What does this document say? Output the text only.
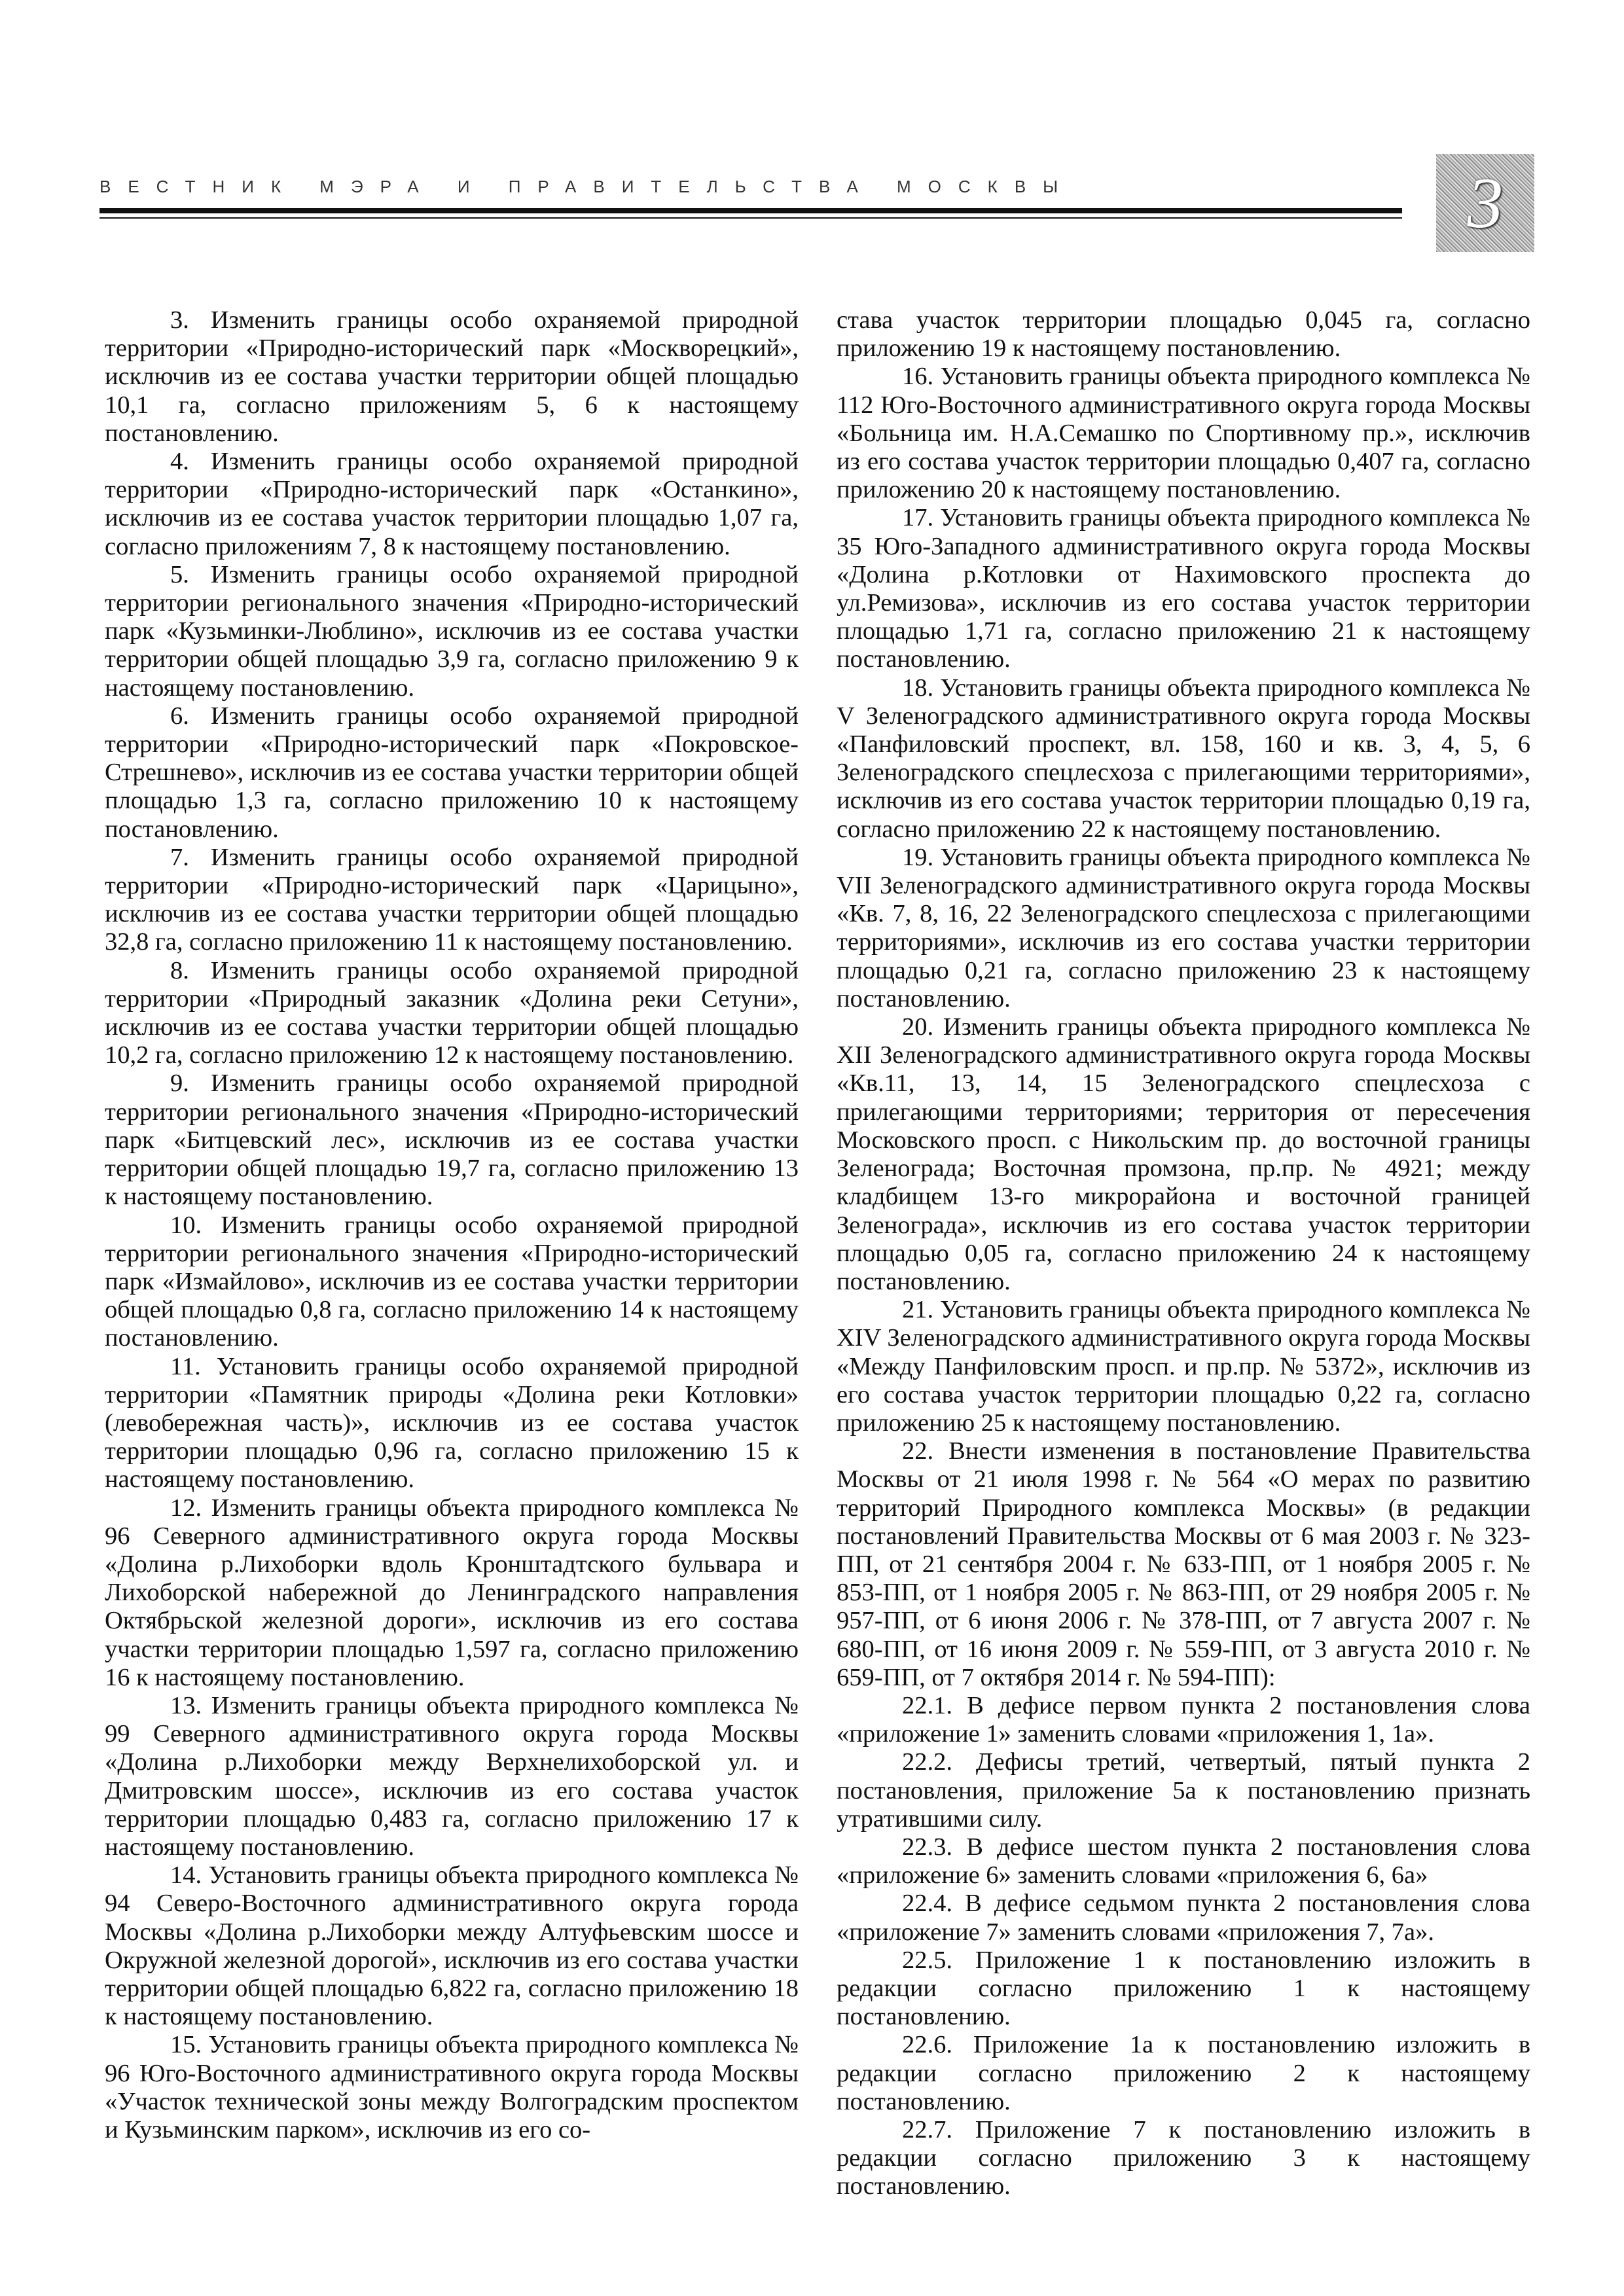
ВЕСТНИК МЭРА И ПРАВИТЕЛЬСТВА МОСКВЫ	3

3. Изменить границы особо охраняемой природной территории «Природно-исторический парк «Москворецкий», исключив из ее состава участки территории общей площадью 10,1 га, согласно приложениям 5, 6 к настоящему постановлению.

4. Изменить границы особо охраняемой природной территории «Природно-исторический парк «Останкино», исключив из ее состава участок территории площадью 1,07 га, согласно приложениям 7, 8 к настоящему постановлению.

5. Изменить границы особо охраняемой природной территории регионального значения «Природно-исторический парк «Кузьминки-Люблино», исключив из ее состава участки территории общей площадью 3,9 га, согласно приложению 9 к настоящему постановлению.

6. Изменить границы особо охраняемой природной территории «Природно-исторический парк «Покровское-Стрешнево», исключив из ее состава участки территории общей площадью 1,3 га, согласно приложению 10 к настоящему постановлению.

7. Изменить границы особо охраняемой природной территории «Природно-исторический парк «Царицыно», исключив из ее состава участки территории общей площадью 32,8 га, согласно приложению 11 к настоящему постановлению.

8. Изменить границы особо охраняемой природной территории «Природный заказник «Долина реки Сетуни», исключив из ее состава участки территории общей площадью 10,2 га, согласно приложению 12 к настоящему постановлению.

9. Изменить границы особо охраняемой природной территории регионального значения «Природно-исторический парк «Битцевский лес», исключив из ее состава участки территории общей площадью 19,7 га, согласно приложению 13 к настоящему постановлению.

10. Изменить границы особо охраняемой природной территории регионального значения «Природно-исторический парк «Измайлово», исключив из ее состава участки территории общей площадью 0,8 га, согласно приложению 14 к настоящему постановлению.

11. Установить границы особо охраняемой природной территории «Памятник природы «Долина реки Котловки» (левобережная часть)», исключив из ее состава участок территории площадью 0,96 га, согласно приложению 15 к настоящему постановлению.

12. Изменить границы объекта природного комплекса № 96 Северного административного округа города Москвы «Долина р.Лихоборки вдоль Кронштадтского бульвара и Лихоборской набережной до Ленинградского направления Октябрьской железной дороги», исключив из его состава участки территории площадью 1,597 га, согласно приложению 16 к настоящему постановлению.

13. Изменить границы объекта природного комплекса № 99 Северного административного округа города Москвы «Долина р.Лихоборки между Верхнелихоборской ул. и Дмитровским шоссе», исключив из его состава участок территории площадью 0,483 га, согласно приложению 17 к настоящему постановлению.

14. Установить границы объекта природного комплекса № 94 Северо-Восточного административного округа города Москвы «Долина р.Лихоборки между Алтуфьевским шоссе и Окружной железной дорогой», исключив из его состава участки территории общей площадью 6,822 га, согласно приложению 18 к настоящему постановлению.

15. Установить границы объекта природного комплекса № 96 Юго-Восточного административного округа города Москвы «Участок технической зоны между Волгоградским проспектом и Кузьминским парком», исключив из его со-

става участок территории площадью 0,045 га, согласно приложению 19 к настоящему постановлению.

16. Установить границы объекта природного комплекса № 112 Юго-Восточного административного округа города Москвы «Больница им. Н.А.Семашко по Спортивному пр.», исключив из его состава участок территории площадью 0,407 га, согласно приложению 20 к настоящему постановлению.

17. Установить границы объекта природного комплекса № 35 Юго-Западного административного округа города Москвы «Долина р.Котловки от Нахимовского проспекта до ул.Ремизова», исключив из его состава участок территории площадью 1,71 га, согласно приложению 21 к настоящему постановлению.

18. Установить границы объекта природного комплекса № V Зеленоградского административного округа города Москвы «Панфиловский проспект, вл. 158, 160 и кв. 3, 4, 5, 6 Зеленоградского спецлесхоза с прилегающими территориями», исключив из его состава участок территории площадью 0,19 га, согласно приложению 22 к настоящему постановлению.

19. Установить границы объекта природного комплекса № VII Зеленоградского административного округа города Москвы «Кв. 7, 8, 16, 22 Зеленоградского спецлесхоза с прилегающими территориями», исключив из его состава участки территории площадью 0,21 га, согласно приложению 23 к настоящему постановлению.

20. Изменить границы объекта природного комплекса № XII Зеленоградского административного округа города Москвы «Кв.11, 13, 14, 15 Зеленоградского спецлесхоза с прилегающими территориями; территория от пересечения Московского просп. с Никольским пр. до восточной границы Зеленограда; Восточная промзона, пр.пр. № 4921; между кладбищем 13-го микрорайона и восточной границей Зеленограда», исключив из его состава участок территории площадью 0,05 га, согласно приложению 24 к настоящему постановлению.

21. Установить границы объекта природного комплекса № XIV Зеленоградского административного округа города Москвы «Между Панфиловским просп. и пр.пр. № 5372», исключив из его состава участок территории площадью 0,22 га, согласно приложению 25 к настоящему постановлению.

22. Внести изменения в постановление Правительства Москвы от 21 июля 1998 г. № 564 «О мерах по развитию территорий Природного комплекса Москвы» (в редакции постановлений Правительства Москвы от 6 мая 2003 г. № 323-ПП, от 21 сентября 2004 г. № 633-ПП, от 1 ноября 2005 г. № 853-ПП, от 1 ноября 2005 г. № 863-ПП, от 29 ноября 2005 г. № 957-ПП, от 6 июня 2006 г. № 378-ПП, от 7 августа 2007 г. № 680-ПП, от 16 июня 2009 г. № 559-ПП, от 3 августа 2010 г. № 659-ПП, от 7 октября 2014 г. № 594-ПП):

22.1. В дефисе первом пункта 2 постановления слова «приложение 1» заменить словами «приложения 1, 1а».

22.2. Дефисы третий, четвертый, пятый пункта 2 постановления, приложение 5а к постановлению признать утратившими силу.

22.3. В дефисе шестом пункта 2 постановления слова «приложение 6» заменить словами «приложения 6, 6а»

22.4. В дефисе седьмом пункта 2 постановления слова «приложение 7» заменить словами «приложения 7, 7а».

22.5. Приложение 1 к постановлению изложить в редакции согласно приложению 1 к настоящему постановлению.

22.6. Приложение 1а к постановлению изложить в редакции согласно приложению 2 к настоящему постановлению.

22.7. Приложение 7 к постановлению изложить в редакции согласно приложению 3 к настоящему постановлению.
